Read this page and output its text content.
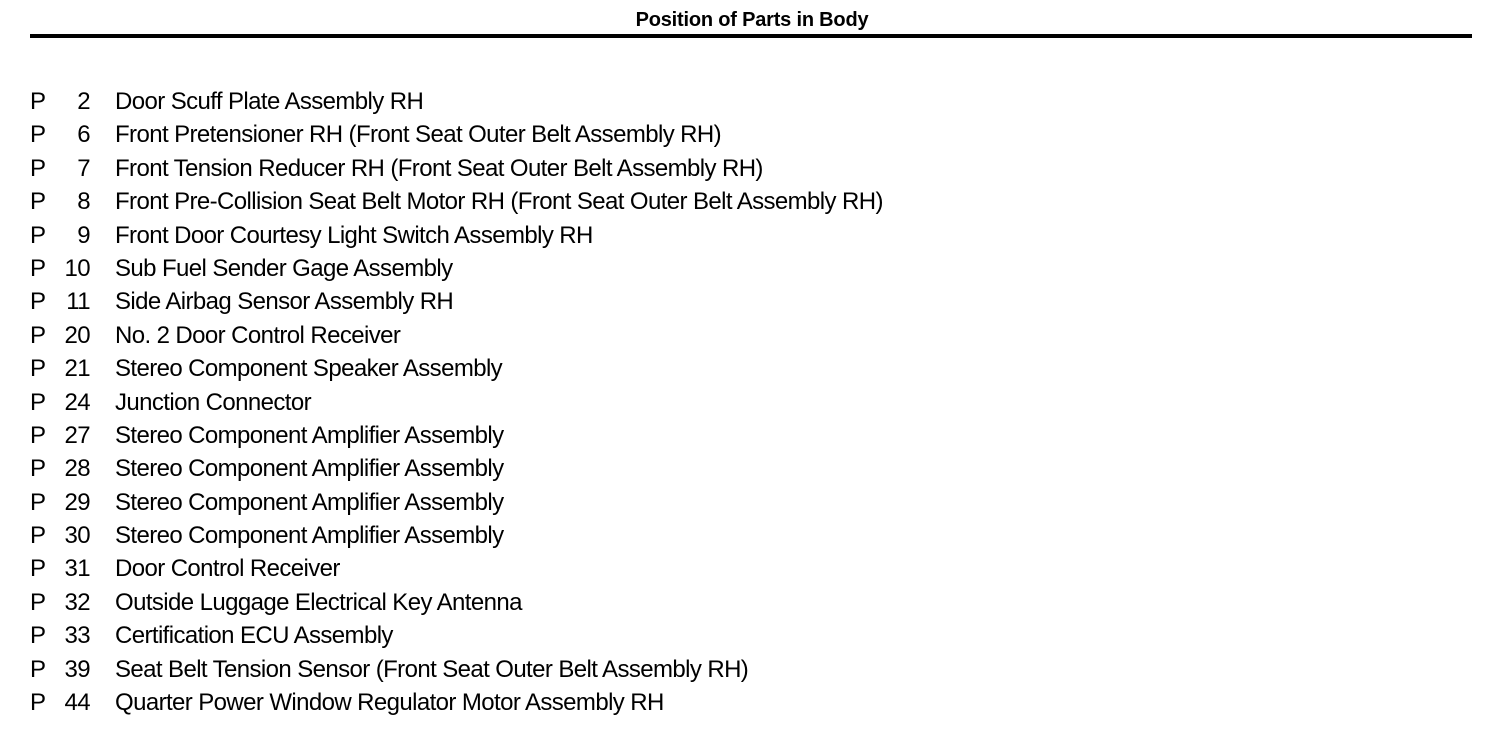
Position of Parts in Body
P	2 Door Scuff Plate Assembly RH
P	6 Front Pretensioner RH (Front Seat Outer Belt Assembly RH)
P	7 Front Tension Reducer RH (Front Seat Outer Belt Assembly RH)
P	8 Front Pre-Collision Seat Belt Motor RH (Front Seat Outer Belt Assembly RH)
P	9 Front Door Courtesy Light Switch Assembly RH
P 10 Sub Fuel Sender Gage Assembly
P 11 Side Airbag Sensor Assembly RH
P 20 No. 2 Door Control Receiver
P 21 Stereo Component Speaker Assembly
P 24 Junction Connector
P 27 Stereo Component Amplifier Assembly
P 28 Stereo Component Amplifier Assembly
P 29 Stereo Component Amplifier Assembly
P 30 Stereo Component Amplifier Assembly
P 31 Door Control Receiver
P 32 Outside Luggage Electrical Key Antenna
P 33 Certification ECU Assembly
P 39 Seat Belt Tension Sensor (Front Seat Outer Belt Assembly RH)
P 44 Quarter Power Window Regulator Motor Assembly RH
